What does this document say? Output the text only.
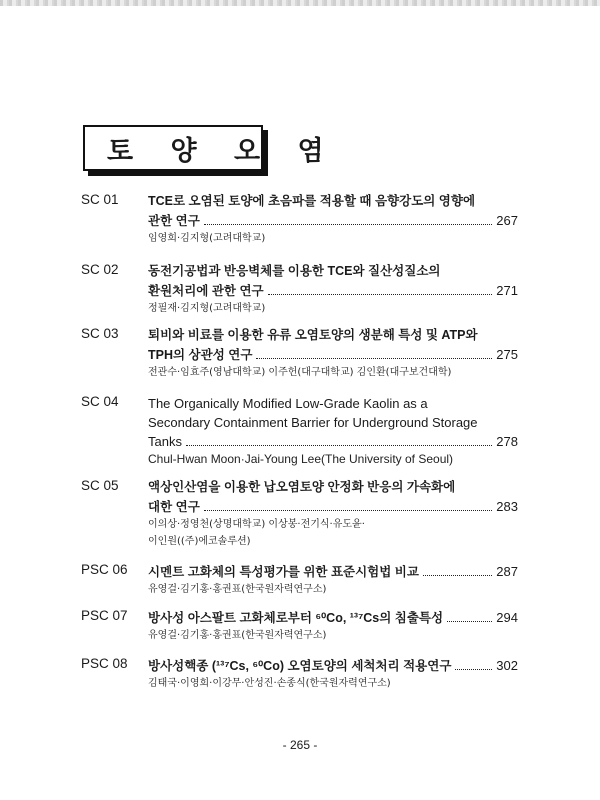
토 양 오 염
SC 01	TCE로 오염된 토양에 초음파를 적용할 때 음향강도의 영향에
관한 연구	267
임영희·김지형(고려대학교)
SC 02	동전기공법과 반응벽체를 이용한 TCE와 질산성질소의
환원처리에 관한 연구	271
정필재·김지형(고려대학교)
SC 03	퇴비와 비료를 이용한 유류 오염토양의 생분해 특성 및 ATP와
TPH의 상관성 연구	275
전관수·임효주(영남대학교) 이주헌(대구대학교) 김인환(대구보건대학)
SC 04	The Organically Modified Low-Grade Kaolin as a
Secondary Containment Barrier for Underground Storage
Tanks	278
Chul-Hwan Moon·Jai-Young Lee(The University of Seoul)
SC 05	액상인산염을 이용한 납오염토양 안정화 반응의 가속화에
대한 연구	283
이의상·정영천(상명대학교) 이상봉·전기식·유도윤·
이인원((주)에코솔루션)
PSC 06	시멘트 고화체의 특성평가를 위한 표준시험법 비교	287
유영걸·김기홍·홍권표(한국원자력연구소)
PSC 07	방사성 아스팔트 고화체로부터 ⁶⁰Co, ¹³⁷Cs의 침출특성	294
유영걸·김기홍·홍권표(한국원자력연구소)
PSC 08	방사성핵종 (¹³⁷Cs, ⁶⁰Co) 오염토양의 세척처리 적용연구	302
김태국·이영희·이강무·안성진·손종식(한국원자력연구소)
- 265 -
